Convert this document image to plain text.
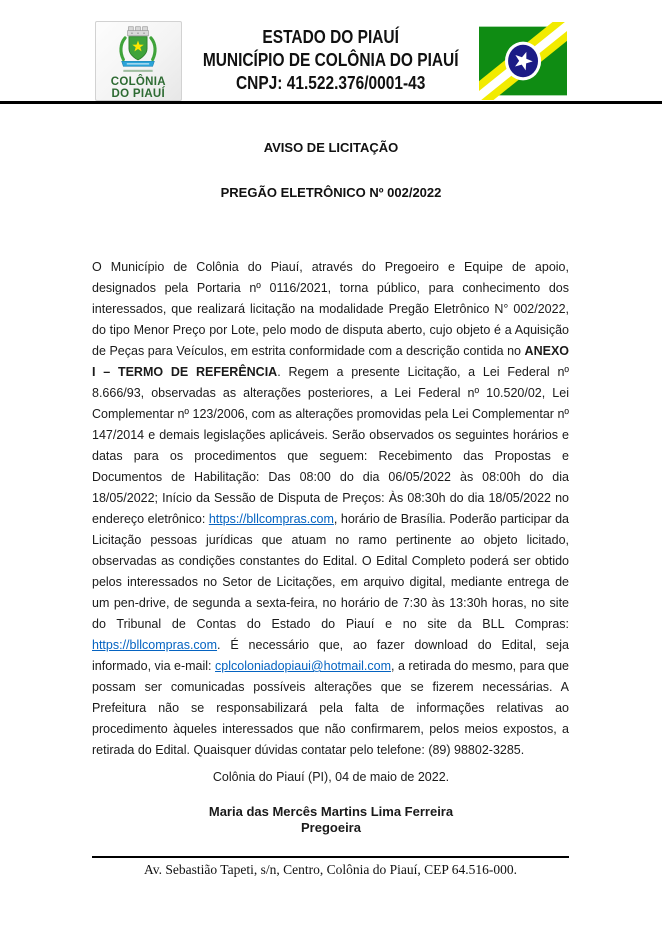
COLÔNIA
DO PIAUÍ
ESTADO DO PIAUÍ
MUNICÍPIO DE COLÔNIA DO PIAUÍ
CNPJ: 41.522.376/0001-43
AVISO DE LICITAÇÃO
PREGÃO ELETRÔNICO Nº 002/2022

O Município de Colônia do Piauí, através do Pregoeiro e Equipe de apoio, designados pela Portaria nº 0116/2021, torna público, para conhecimento dos interessados, que realizará licitação na modalidade Pregão Eletrônico N° 002/2022, do tipo Menor Preço por Lote, pelo modo de disputa aberto, cujo objeto é a Aquisição de Peças para Veículos, em estrita conformidade com a descrição contida no ANEXO I – TERMO DE REFERÊNCIA. Regem a presente Licitação, a Lei Federal nº 8.666/93, observadas as alterações posteriores, a Lei Federal nº 10.520/02, Lei Complementar nº 123/2006, com as alterações promovidas pela Lei Complementar nº 147/2014 e demais legislações aplicáveis. Serão observados os seguintes horários e datas para os procedimentos que seguem: Recebimento das Propostas e Documentos de Habilitação: Das 08:00 do dia 06/05/2022 às 08:00h do dia 18/05/2022; Início da Sessão de Disputa de Preços: Às 08:30h do dia 18/05/2022 no endereço eletrônico: https://bllcompras.com, horário de Brasília. Poderão participar da Licitação pessoas jurídicas que atuam no ramo pertinente ao objeto licitado, observadas as condições constantes do Edital. O Edital Completo poderá ser obtido pelos interessados no Setor de Licitações, em arquivo digital, mediante entrega de um pen-drive, de segunda a sexta-feira, no horário de 7:30 às 13:30h horas, no site do Tribunal de Contas do Estado do Piauí e no site da BLL Compras: https://bllcompras.com. É necessário que, ao fazer download do Edital, seja informado, via e-mail: cplcoloniadopiaui@hotmail.com, a retirada do mesmo, para que possam ser comunicadas possíveis alterações que se fizerem necessárias. A Prefeitura não se responsabilizará pela falta de informações relativas ao procedimento àqueles interessados que não confirmarem, pelos meios expostos, a retirada do Edital. Quaisquer dúvidas contatar pelo telefone: (89) 98802-3285.

Colônia do Piauí (PI), 04 de maio de 2022.
Maria das Mercês Martins Lima Ferreira
Pregoeira
Av. Sebastião Tapeti, s/n, Centro, Colônia do Piauí, CEP 64.516-000.
